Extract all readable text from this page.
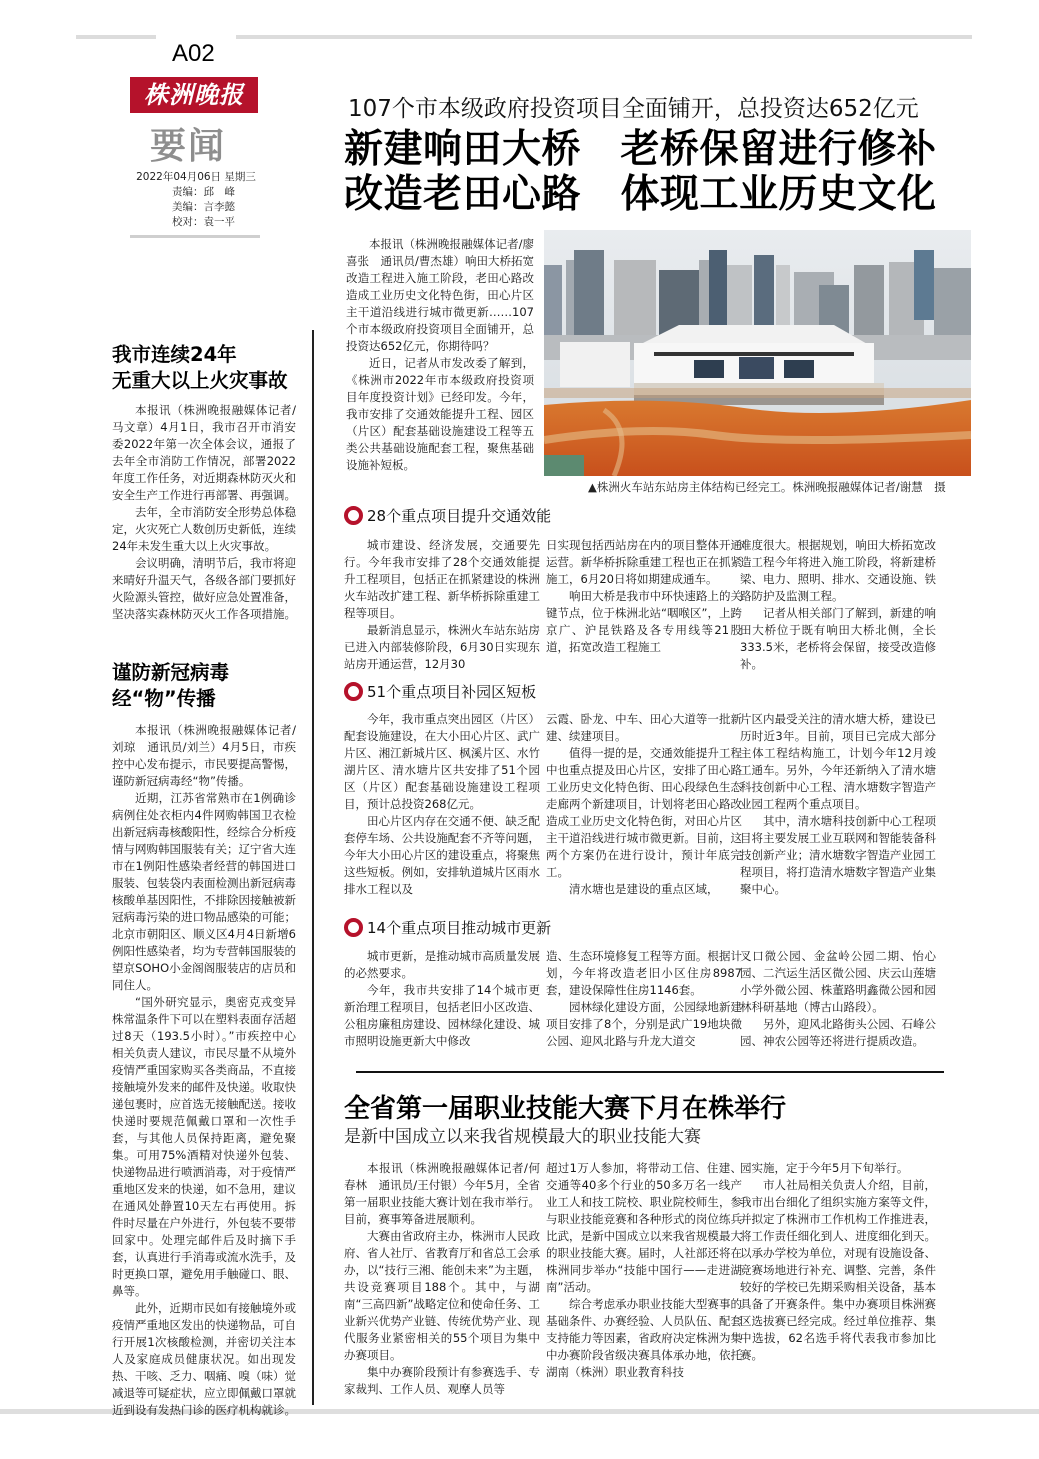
A02
株洲晚报
要闻
2022年04月06日 星期三
责编：邱　峰
美编：言李懿
校对：袁一平
107个市本级政府投资项目全面铺开，总投资达652亿元
新建响田大桥　老桥保留进行修补
改造老田心路　体现工业历史文化

本报讯（株洲晚报融媒体记者/廖喜张　通讯员/曹杰雄）响田大桥拓宽改造工程进入施工阶段，老田心路改造成工业历史文化特色街，田心片区主干道沿线进行城市微更新……107个市本级政府投资项目全面铺开，总投资达652亿元，你期待吗？

近日，记者从市发改委了解到，《株洲市2022年市本级政府投资项目年度投资计划》已经印发。今年，我市安排了交通效能提升工程、园区（片区）配套基础设施建设工程等五类公共基础设施配套工程，聚焦基础设施补短板。

▲株洲火车站东站房主体结构已经完工。株洲晚报融媒体记者/谢慧　摄
28个重点项目提升交通效能

城市建设、经济发展，交通要先行。今年我市安排了28个交通效能提升工程项目，包括正在抓紧建设的株洲火车站改扩建工程、新华桥拆除重建工程等项目。

最新消息显示，株洲火车站东站房已进入内部装修阶段，6月30日实现东站房开通运营，12月30

日实现包括西站房在内的项目整体开通运营。新华桥拆除重建工程也正在抓紧施工，6月20日将如期建成通车。

响田大桥是我市中环快速路上的关键节点，位于株洲北站“咽喉区”，上跨京广、沪昆铁路及各专用线等21股道，拓宽改造工程施工

难度很大。根据规划，响田大桥拓宽改造工程今年将进入施工阶段，将新建桥梁、电力、照明、排水、交通设施、铁路防护及监测工程。

记者从相关部门了解到，新建的响田大桥位于既有响田大桥北侧，全长333.5米，老桥将会保留，接受改造修补。

51个重点项目补园区短板

今年，我市重点突出园区（片区）配套设施建设，在大小田心片区、武广片区、湘江新城片区、枫溪片区、水竹湖片区、清水塘片区共安排了51个园区（片区）配套基础设施建设工程项目，预计总投资268亿元。

田心片区内存在交通不便、缺乏配套停车场、公共设施配套不齐等问题，今年大小田心片区的建设重点，将聚焦这些短板。例如，安排轨道城片区雨水排水工程以及

云霞、卧龙、中车、田心大道等一批新建、续建项目。

值得一提的是，交通效能提升工程中也重点提及田心片区，安排了田心路工业历史文化特色街、田心段绿色生态走廊两个新建项目，计划将老田心路改造成工业历史文化特色街，对田心片区主干道沿线进行城市微更新。目前，这两个方案仍在进行设计，预计年底完工。

清水塘也是建设的重点区域，

片区内最受关注的清水塘大桥，建设已历时近3年。目前，项目已完成大部分主体工程结构施工，计划今年12月竣工通车。另外，今年还新纳入了清水塘科技创新中心工程、清水塘数字智造产业园工程两个重点项目。

其中，清水塘科技创新中心工程项目将主要发展工业互联网和智能装备科技创新产业；清水塘数字智造产业园工程项目，将打造清水塘数字智造产业集聚中心。

14个重点项目推动城市更新

城市更新，是推动城市高质量发展的必然要求。

今年，我市共安排了14个城市更新治理工程项目，包括老旧小区改造、公租房廉租房建设、园林绿化建设、城市照明设施更新大中修改

造、生态环境修复工程等方面。根据计划，今年将改造老旧小区住房8987套，建设保障性住房1146套。

园林绿化建设方面，公园绿地新建项目安排了8个，分别是武广19地块微公园、迎风北路与升龙大道交

叉口微公园、金盆岭公园二期、怡心园、二汽运生活区微公园、庆云山莲塘小学外微公园、株董路明鑫微公园和园林科研基地（博古山路段）。

另外，迎风北路街头公园、石峰公园、神农公园等还将进行提质改造。

我市连续24年
无重大以上火灾事故

本报讯（株洲晚报融媒体记者/马文章）4月1日，我市召开市消安委2022年第一次全体会议，通报了去年全市消防工作情况，部署2022年度工作任务，对近期森林防灭火和安全生产工作进行再部署、再强调。

去年，全市消防安全形势总体稳定，火灾死亡人数创历史新低，连续24年未发生重大以上火灾事故。

会议明确，清明节后，我市将迎来晴好升温天气，各级各部门要抓好火险源头管控，做好应急处置准备，坚决落实森林防灭火工作各项措施。

谨防新冠病毒
经“物”传播

本报讯（株洲晚报融媒体记者/刘琼　通讯员/刘兰）4月5日，市疾控中心发布提示，市民要提高警惕，谨防新冠病毒经“物”传播。

近期，江苏省常熟市在1例确诊病例住处衣柜内4件网购韩国卫衣检出新冠病毒核酸阳性，经综合分析疫情与网购韩国服装有关；辽宁省大连市在1例阳性感染者经营的韩国进口服装、包装袋内表面检测出新冠病毒核酸单基因阳性，不排除因接触被新冠病毒污染的进口物品感染的可能；北京市朝阳区、顺义区4月4日新增6例阳性感染者，均为专营韩国服装的望京SOHO小金阁阁服装店的店员和同住人。

“国外研究显示，奥密克戎变异株常温条件下可以在塑料表面存活超过8天（193.5小时）。”市疾控中心相关负责人建议，市民尽量不从境外疫情严重国家购买各类商品，不直接接触境外发来的邮件及快递。收取快递包裹时，应首选无接触配送。接收快递时要规范佩戴口罩和一次性手套，与其他人员保持距离，避免聚集。可用75%酒精对快递外包装、快递物品进行喷洒消毒，对于疫情严重地区发来的快递，如不急用，建议在通风处静置10天左右再使用。拆件时尽量在户外进行，外包装不要带回家中。处理完邮件后及时摘下手套，认真进行手消毒或流水洗手，及时更换口罩，避免用手触碰口、眼、鼻等。

此外，近期市民如有接触境外或疫情严重地区发出的快递物品，可自行开展1次核酸检测，并密切关注本人及家庭成员健康状况。如出现发热、干咳、乏力、咽痛、嗅（味）觉减退等可疑症状，应立即佩戴口罩就近到设有发热门诊的医疗机构就诊。

全省第一届职业技能大赛下月在株举行
是新中国成立以来我省规模最大的职业技能大赛

本报讯（株洲晚报融媒体记者/何春林　通讯员/王付银）今年5月，全省第一届职业技能大赛计划在我市举行。目前，赛事筹备进展顺利。

大赛由省政府主办，株洲市人民政府、省人社厅、省教育厅和省总工会承办，以“技行三湘、能创未来”为主题，共设竞赛项目188个。其中，与湖南“三高四新”战略定位和使命任务、工业新兴优势产业链、传统优势产业、现代服务业紧密相关的55个项目为集中办赛项目。

集中办赛阶段预计有参赛选手、专家裁判、工作人员、观摩人员等

超过1万人参加，将带动工信、住建、交通等40多个行业的50多万名一线产业工人和技工院校、职业院校师生，参与职业技能竞赛和各种形式的岗位练兵比武，是新中国成立以来我省规模最大的职业技能大赛。届时，人社部还将在株洲同步举办“技能中国行——走进湖南”活动。

综合考虑承办职业技能大型赛事的基础条件、办赛经验、人员队伍、配套支持能力等因素，省政府决定株洲为集中办赛阶段省级决赛具体承办地，依托湖南（株洲）职业教育科技

园实施，定于今年5月下旬举行。

市人社局相关负责人介绍，目前，我市出台细化了组织实施方案等文件，并拟定了株洲市工作机构工作推进表，将工作责任细化到人、进度细化到天。以承办学校为单位，对现有设施设备、竞赛场地进行补充、调整、完善，条件较好的学校已先期采购相关设备，基本具备了开赛条件。集中办赛项目株洲赛区选拔赛已经完成。经过单位推荐、集中选拔，62名选手将代表我市参加比赛。
